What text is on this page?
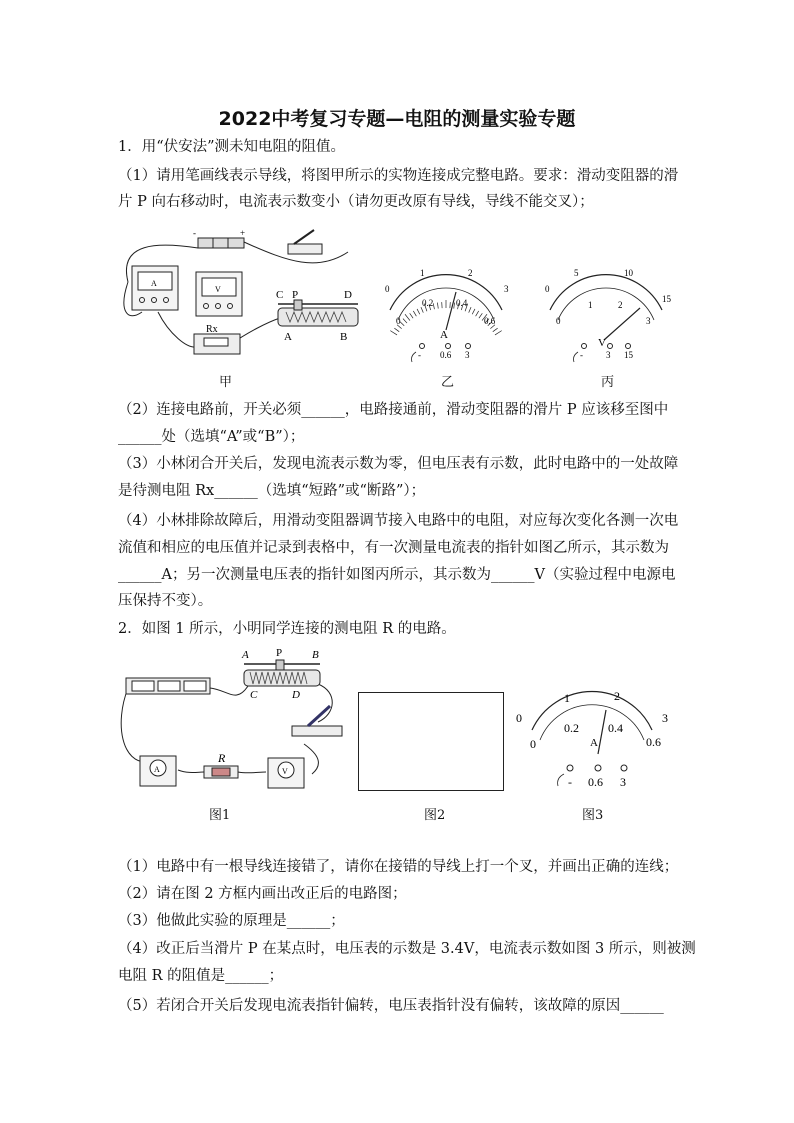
2022中考复习专题—电阻的测量实验专题
1．用“伏安法”测未知电阻的阻值。
（1）请用笔画线表示导线，将图甲所示的实物连接成完整电路。要求：滑动变阻器的滑
片 P 向右移动时，电流表示数变小（请勿更改原有导线，导线不能交叉）；
-	+
A
V
Rx
C P	D
A	B
甲
A
0
1	2
3
0
0.2	0.4
0.6
- 0.6 3
乙
V
0
5	10
15
0
1	2
3
-	3 15
丙
（2）连接电路前，开关必须______，电路接通前，滑动变阻器的滑片 P 应该移至图中
______处（选填“A”或“B”）；
（3）小林闭合开关后，发现电流表示数为零，但电压表有示数，此时电路中的一处故障
是待测电阻 Rx______（选填“短路”或“断路”）；
（4）小林排除故障后，用滑动变阻器调节接入电路中的电阻，对应每次变化各测一次电
流值和相应的电压值并记录到表格中，有一次测量电流表的指针如图乙所示，其示数为
______A；另一次测量电压表的指针如图丙所示，其示数为______V（实验过程中电源电
压保持不变）。
2．如图 1 所示，小明同学连接的测电阻 R 的电路。
A P	B
C	D
A
R
V
图1	图2
A
0
1	2
3
0
0.2 0.4
0.6
- 0.6 3
图3
（1）电路中有一根导线连接错了，请你在接错的导线上打一个叉，并画出正确的连线；
（2）请在图 2 方框内画出改正后的电路图；
（3）他做此实验的原理是______；
（4）改正后当滑片 P 在某点时，电压表的示数是 3.4V，电流表示数如图 3 所示，则被测
电阻 R 的阻值是______；
（5）若闭合开关后发现电流表指针偏转，电压表指针没有偏转，该故障的原因______
